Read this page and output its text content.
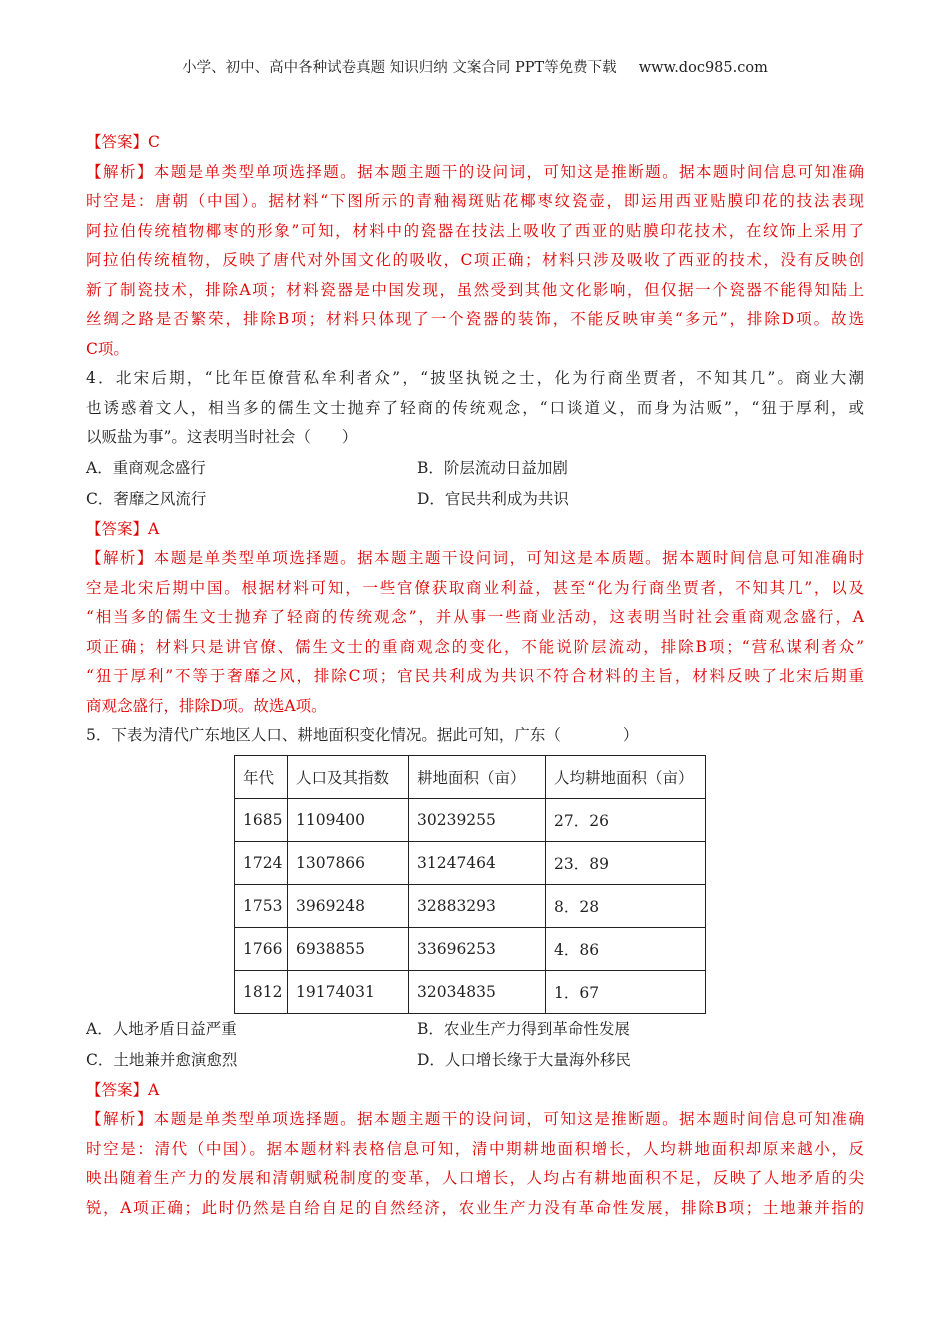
小学、初中、高中各种试卷真题 知识归纳 文案合同 PPT等免费下载 www.doc985.com
【答案】C
【解析】本题是单类型单项选择题。据本题主题干的设问词，可知这是推断题。据本题时间信息可知准确
时空是：唐朝（中国）。据材料“下图所示的青釉褐斑贴花椰枣纹瓷壶，即运用西亚贴膜印花的技法表现
阿拉伯传统植物椰枣的形象”可知，材料中的瓷器在技法上吸收了西亚的贴膜印花技术，在纹饰上采用了
阿拉伯传统植物，反映了唐代对外国文化的吸收，C项正确；材料只涉及吸收了西亚的技术，没有反映创
新了制瓷技术，排除A项；材料瓷器是中国发现，虽然受到其他文化影响，但仅据一个瓷器不能得知陆上
丝绸之路是否繁荣，排除B项；材料只体现了一个瓷器的装饰，不能反映审美“多元”，排除D项。故选
C项。
4．北宋后期，“比年臣僚营私牟利者众”，“披坚执锐之士，化为行商坐贾者，不知其几”。商业大潮
也诱惑着文人，相当多的儒生文士抛弃了轻商的传统观念，“口谈道义，而身为沽贩”，“狃于厚利，或
以贩盐为事”。这表明当时社会（　　）
A．重商观念盛行	B．阶层流动日益加剧
C．奢靡之风流行	D．官民共利成为共识
【答案】A
【解析】本题是单类型单项选择题。据本题主题干设问词，可知这是本质题。据本题时间信息可知准确时
空是北宋后期中国。根据材料可知，一些官僚获取商业利益，甚至“化为行商坐贾者，不知其几”，以及
“相当多的儒生文士抛弃了轻商的传统观念”，并从事一些商业活动，这表明当时社会重商观念盛行，A
项正确；材料只是讲官僚、儒生文士的重商观念的变化，不能说阶层流动，排除B项；“营私谋利者众”
“狃于厚利”不等于奢靡之风，排除C项；官民共利成为共识不符合材料的主旨，材料反映了北宋后期重
商观念盛行，排除D项。故选A项。
5．下表为清代广东地区人口、耕地面积变化情况。据此可知，广东（　　　　）
年代	人口及其指数	耕地面积（亩）	人均耕地面积（亩）
1685	1109400	30239255	27．26
1724	1307866	31247464	23．89
1753	3969248	32883293	8．28
1766	6938855	33696253	4．86
1812	19174031	32034835	1．67
A．人地矛盾日益严重	B．农业生产力得到革命性发展
C．土地兼并愈演愈烈	D．人口增长缘于大量海外移民
【答案】A
【解析】本题是单类型单项选择题。据本题主题干的设问词，可知这是推断题。据本题时间信息可知准确
时空是：清代（中国）。据本题材料表格信息可知，清中期耕地面积增长，人均耕地面积却原来越小，反
映出随着生产力的发展和清朝赋税制度的变革，人口增长，人均占有耕地面积不足，反映了人地矛盾的尖
锐，A项正确；此时仍然是自给自足的自然经济，农业生产力没有革命性发展，排除B项；土地兼并指的
